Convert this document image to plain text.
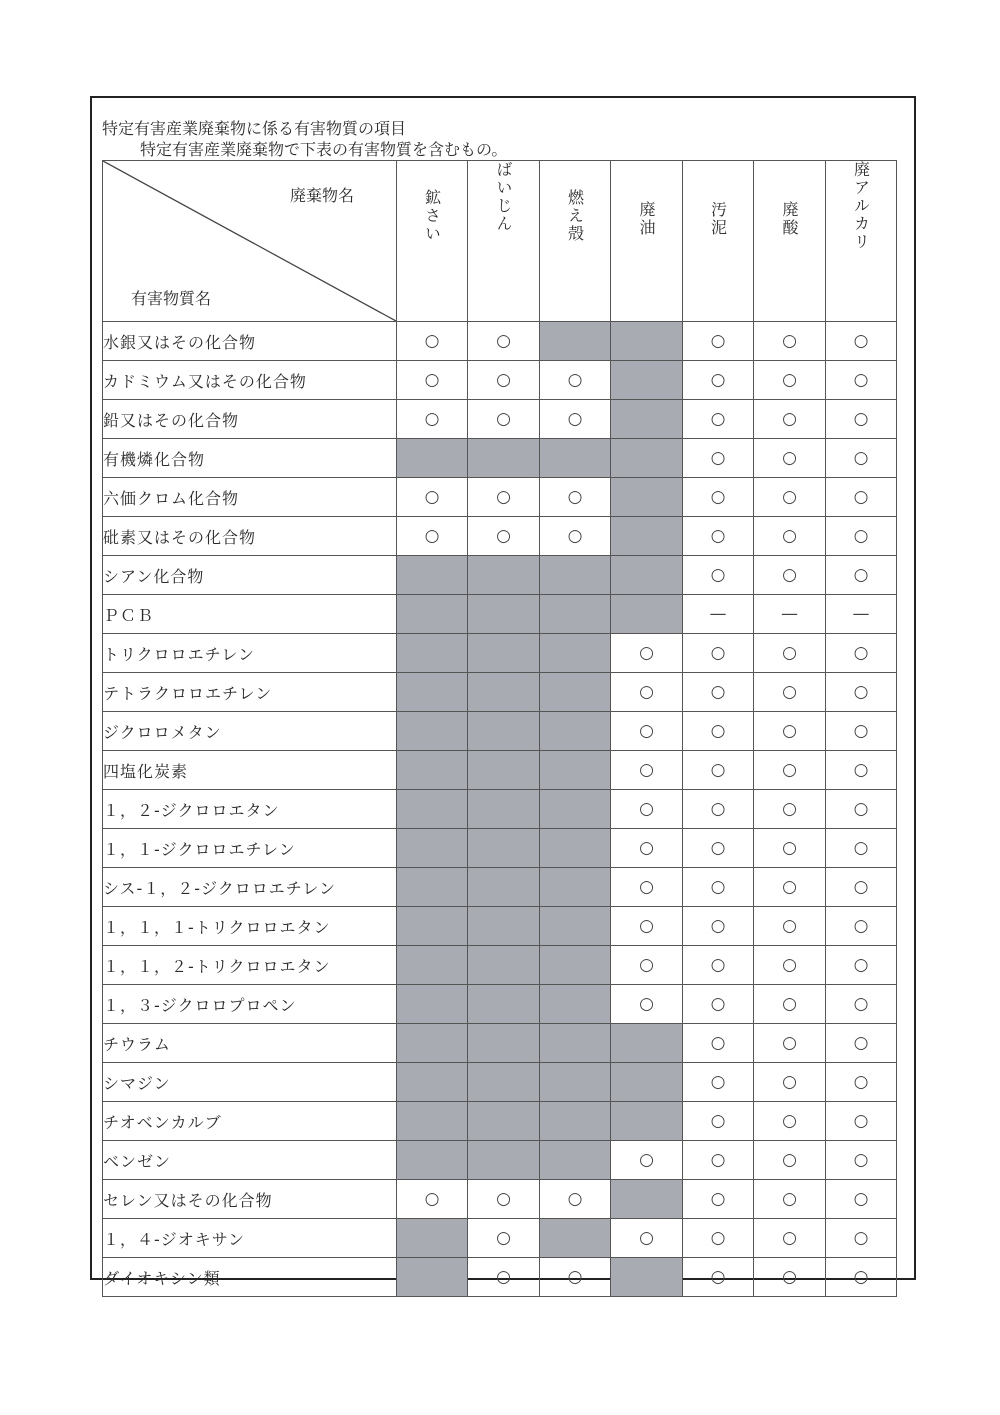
特定有害産業廃棄物に係る有害物質の項目
特定有害産業廃棄物で下表の有害物質を含むもの。
廃棄物名
有害物質名	鉱さい	ばいじん	燃え殻	廃油	汚泥	廃酸	廃アルカリ
水銀又はその化合物	○	○			○	○	○
カドミウム又はその化合物	○	○	○		○	○	○
鉛又はその化合物	○	○	○		○	○	○
有機燐化合物					○	○	○
六価クロム化合物	○	○	○		○	○	○
砒素又はその化合物	○	○	○		○	○	○
シアン化合物					○	○	○
ＰＣＢ					—	—	—
トリクロロエチレン				○	○	○	○
テトラクロロエチレン				○	○	○	○
ジクロロメタン				○	○	○	○
四塩化炭素				○	○	○	○
１，２-ジクロロエタン				○	○	○	○
１，１-ジクロロエチレン				○	○	○	○
シス-１，２-ジクロロエチレン				○	○	○	○
１，１，１-トリクロロエタン				○	○	○	○
１，１，２-トリクロロエタン				○	○	○	○
１，３-ジクロロプロペン				○	○	○	○
チウラム					○	○	○
シマジン					○	○	○
チオベンカルブ					○	○	○
ベンゼン				○	○	○	○
セレン又はその化合物	○	○	○		○	○	○
１，４-ジオキサン		○		○	○	○	○
ダイオキシン類		○	○		○	○	○
